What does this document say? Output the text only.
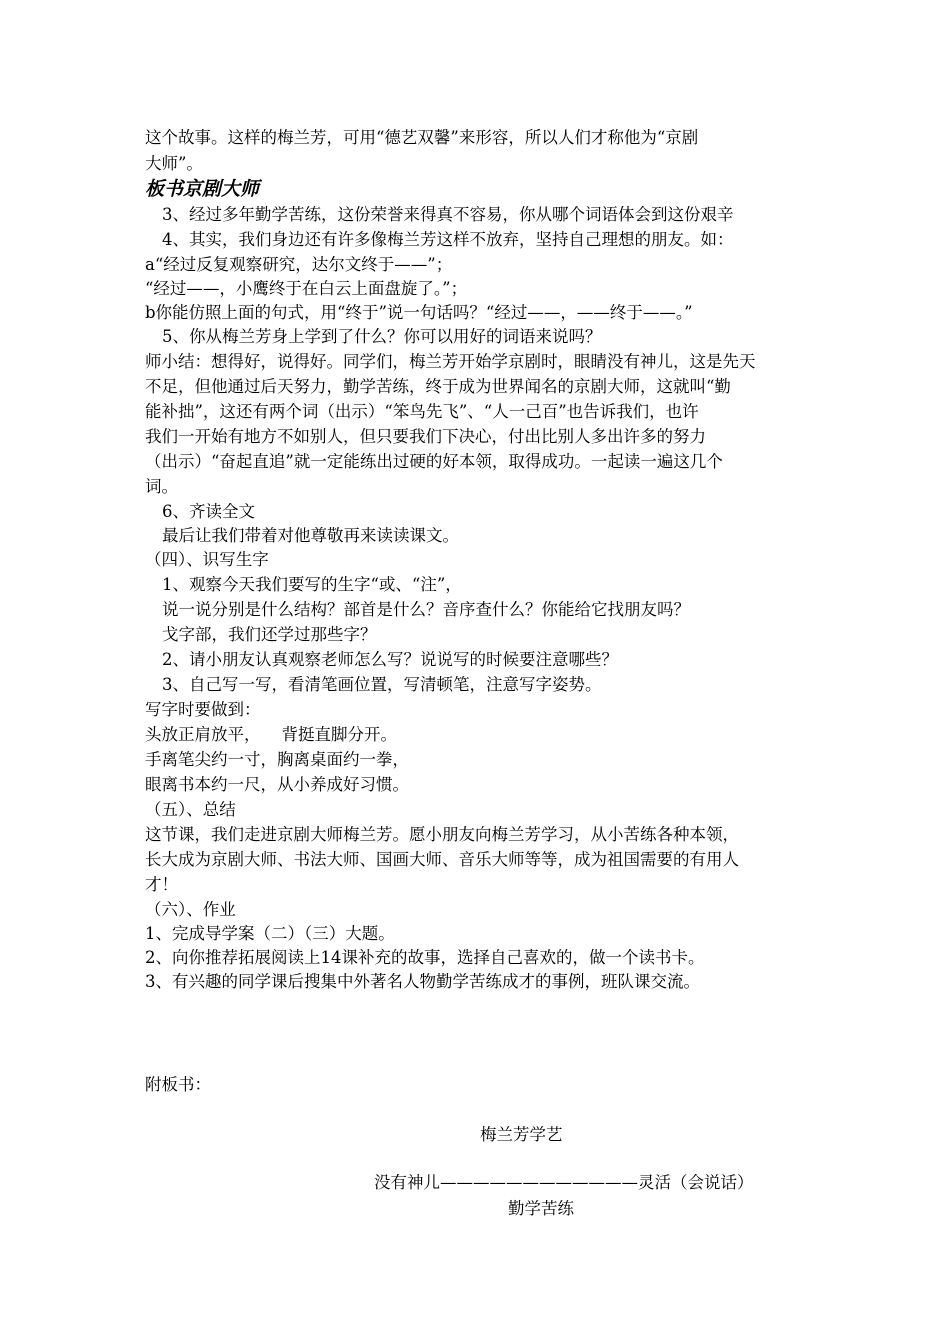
这个故事。这样的梅兰芳，可用“德艺双馨”来形容，所以人们才称他为“京剧
大师”。
板书京剧大师
3、经过多年勤学苦练，这份荣誉来得真不容易，你从哪个词语体会到这份艰辛
4、其实，我们身边还有许多像梅兰芳这样不放弃，坚持自己理想的朋友。如：
a“经过反复观察研究，达尔文终于——”；
“经过——，小鹰终于在白云上面盘旋了。”；
b你能仿照上面的句式，用“终于”说一句话吗？“经过——，——终于——。”
5、你从梅兰芳身上学到了什么？你可以用好的词语来说吗？
师小结：想得好，说得好。同学们，梅兰芳开始学京剧时，眼睛没有神儿，这是先天
不足，但他通过后天努力，勤学苦练，终于成为世界闻名的京剧大师，这就叫“勤
能补拙”，这还有两个词（出示）“笨鸟先飞”、“人一己百”也告诉我们，也许
我们一开始有地方不如别人，但只要我们下决心，付出比别人多出许多的努力
（出示）“奋起直追”就一定能练出过硬的好本领，取得成功。一起读一遍这几个
词。
6、齐读全文
最后让我们带着对他尊敬再来读读课文。
（四）、识写生字
1、观察今天我们要写的生字“或、“注”，
说一说分别是什么结构？部首是什么？音序查什么？你能给它找朋友吗？
戈字部，我们还学过那些字？
2、请小朋友认真观察老师怎么写？说说写的时候要注意哪些？
3、自己写一写，看清笔画位置，写清顿笔，注意写字姿势。
写字时要做到：
头放正肩放平，    背挺直脚分开。
手离笔尖约一寸，胸离桌面约一拳，
眼离书本约一尺，从小养成好习惯。
（五）、总结
这节课，我们走进京剧大师梅兰芳。愿小朋友向梅兰芳学习，从小苦练各种本领，
长大成为京剧大师、书法大师、国画大师、音乐大师等等，成为祖国需要的有用人
才！
（六）、作业
1、完成导学案（二）（三）大题。
2、向你推荐拓展阅读上14课补充的故事，选择自己喜欢的，做一个读书卡。
3、有兴趣的同学课后搜集中外著名人物勤学苦练成才的事例，班队课交流。
附板书：
梅兰芳学艺
没有神儿————————————灵活（会说话）
勤学苦练
